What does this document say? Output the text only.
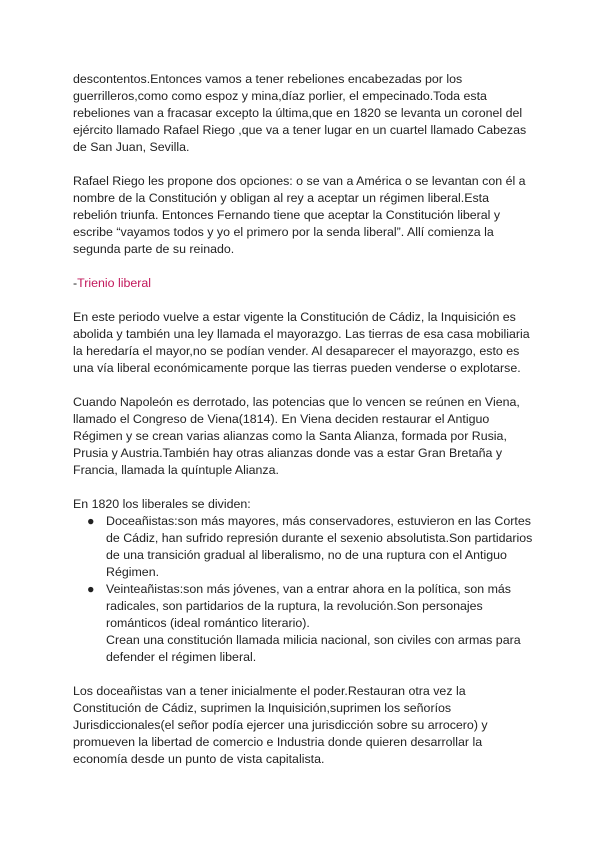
descontentos.Entonces vamos a tener rebeliones encabezadas por los guerrilleros,como como espoz y mina,díaz porlier, el empecinado.Toda esta rebeliones van a fracasar excepto la última,que en 1820 se levanta un coronel del ejército llamado Rafael Riego ,que va a tener lugar en un cuartel llamado Cabezas de San Juan, Sevilla.

Rafael Riego les propone dos opciones: o se van a América o se levantan con él a nombre de la Constitución y obligan al rey a aceptar un régimen liberal.Esta rebelión triunfa. Entonces Fernando tiene que aceptar la Constitución liberal y escribe “vayamos todos y yo el primero por la senda liberal”. Allí comienza la segunda parte de su reinado.

-Trienio liberal

En este periodo vuelve a estar vigente la Constitución de Cádiz, la Inquisición es abolida y también una ley llamada el mayorazgo. Las tierras de esa casa mobiliaria la heredaría el mayor,no se podían vender. Al desaparecer el mayorazgo, esto es una vía liberal económicamente porque las tierras pueden venderse o explotarse.

Cuando Napoleón es derrotado, las potencias que lo vencen se reúnen en Viena, llamado el Congreso de Viena(1814). En Viena deciden restaurar el Antiguo Régimen y se crean varias alianzas como la Santa Alianza, formada por Rusia, Prusia y Austria.También hay otras alianzas donde vas a estar Gran Bretaña y Francia, llamada la quíntuple Alianza.

En 1820 los liberales se dividen:

● Doceañistas:son más mayores, más conservadores, estuvieron en las Cortes de Cádiz, han sufrido represión durante el sexenio absolutista.Son partidarios de una transición gradual al liberalismo, no de una ruptura con el Antiguo Régimen.
● Veinteañistas:son más jóvenes, van a entrar ahora en la política, son más radicales, son partidarios de la ruptura, la revolución.Son personajes románticos (ideal romántico literario).
Crean una constitución llamada milicia nacional, son civiles con armas para defender el régimen liberal.

Los doceañistas van a tener inicialmente el poder.Restauran otra vez la Constitución de Cádiz, suprimen la Inquisición,suprimen los señoríos Jurisdiccionales(el señor podía ejercer una jurisdicción sobre su arrocero) y promueven la libertad de comercio e Industria donde quieren desarrollar la economía desde un punto de vista capitalista.
